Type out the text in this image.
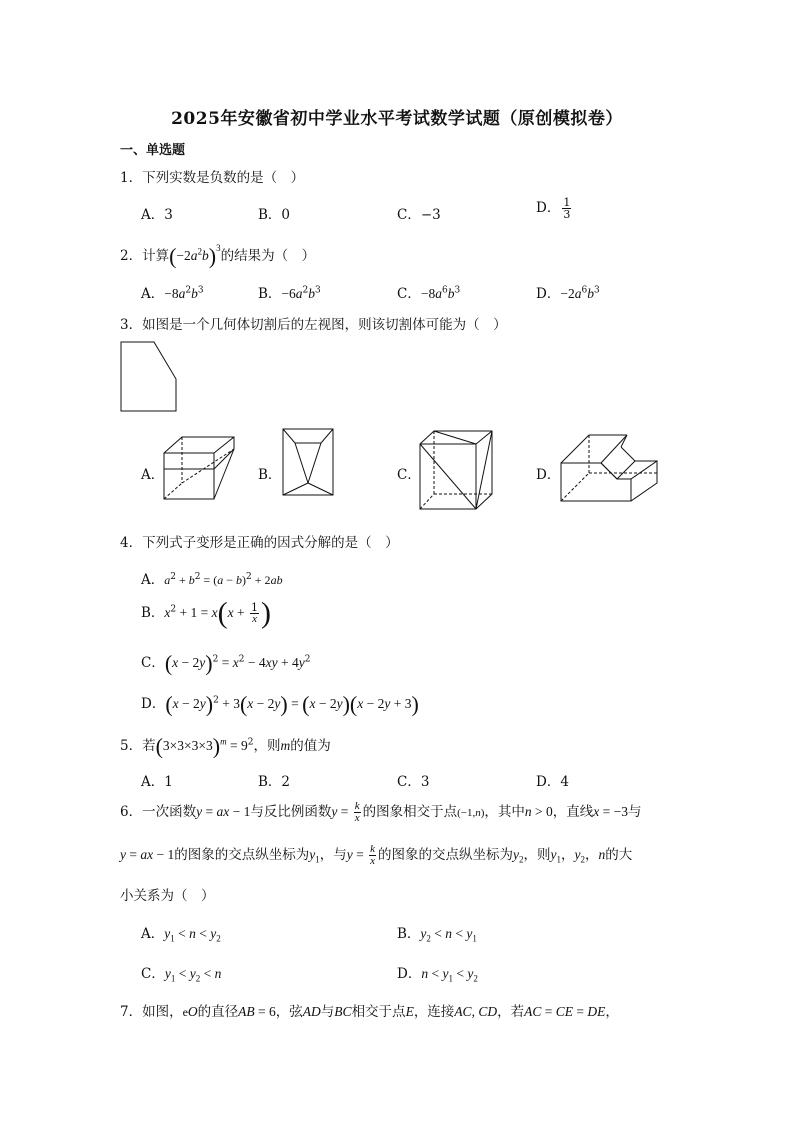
2025年安徽省初中学业水平考试数学试题（原创模拟卷）
一、单选题
1．下列实数是负数的是（　）
A．3	B．0	C．−3	D． $\frac{1}{3}$
2．计算$(-2a^2b)^3$的结果为（　）
A．$-8a^2b^3$	B．$-6a^2b^3$	C．$-8a^6b^3$	D．$-2a^6b^3$
3．如图是一个几何体切割后的左视图，则该切割体可能为（　）
A．	B．	C．	D．
4．下列式子变形是正确的因式分解的是（　）
A．$a^2 + b^2 = (a - b)^2 + 2ab$
B．$x^2 + 1 = x(x + \frac{1}{x}$ )
C．$(x - 2y)^2 = x^2 - 4xy + 4y^2$
D．$(x - 2y)^2 + 3(x - 2y) = (x - 2y)(x - 2y + 3)$
5．若$(3\times 3\times 3\times 3)^m = 9^2$，则m的值为
A．1	B．2	C．3	D．4
6．一次函数y = ax − 1与反比例函数$y = \frac{k}{x}$ 的图象相交于点(−1,n)，其中n > 0，直线x = −3与
y = ax − 1的图象的交点纵坐标为$y_1$，与$y = \frac{k}{x}$ 的图象的交点纵坐标为$y_2$，则$y_1$，$y_2$，n的大
小关系为（　）
A．$y_1 < n < y_2$	B．$y_2 < n < y_1$
C．$y_1 < y_2 < n$	D．$n < y_1 < y_2$
7．如图，eO的直径AB = 6，弦AD与BC相交于点E，连接AC, CD，若AC = CE = DE，
